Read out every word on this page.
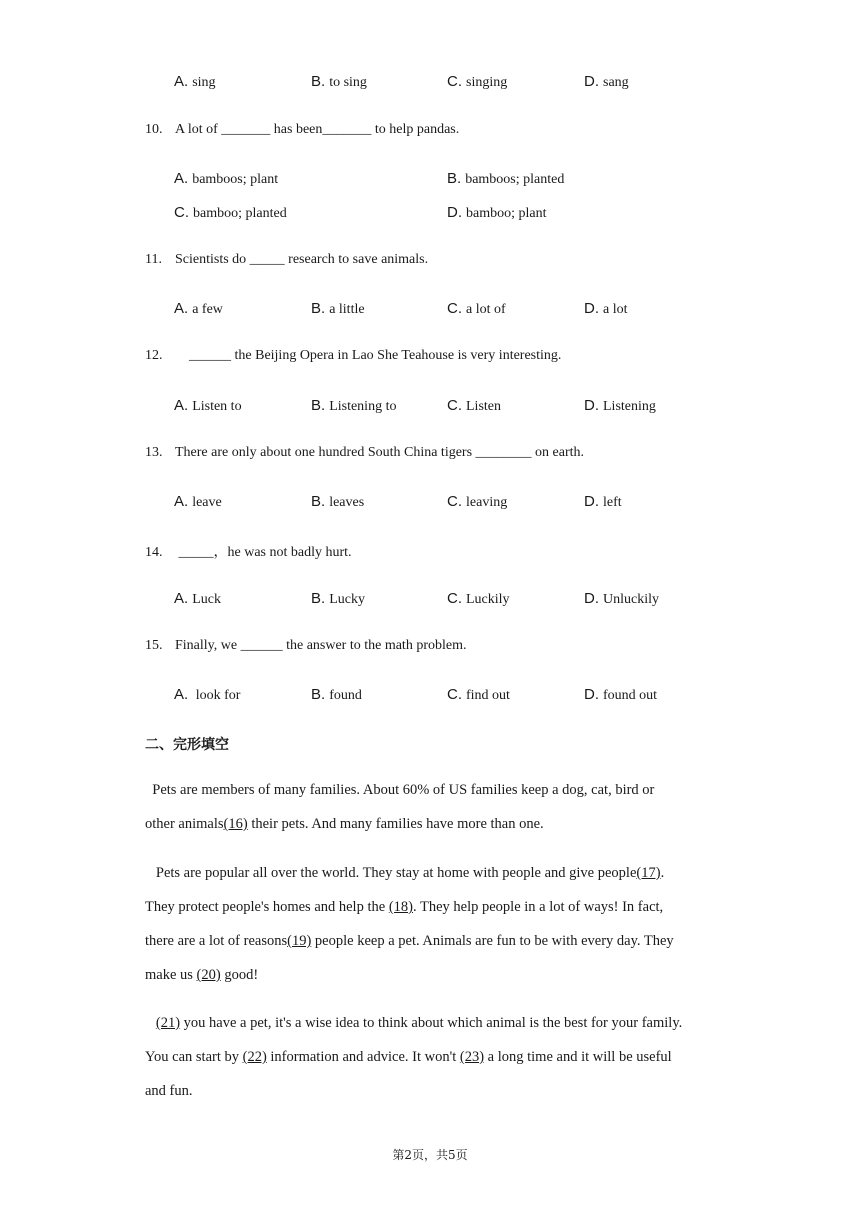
A. sing	B. to sing	C. singing	D. sang
10. A lot of _______ has been_______ to help pandas.
A. bamboos; plant	B. bamboos; planted
C. bamboo; planted	D. bamboo; plant
11. Scientists do _____ research to save animals.
A. a few	B. a little	C. a lot of	D. a lot
12.    ______ the Beijing Opera in Lao She Teahouse is very interesting.
A. Listen to	B. Listening to	C. Listen	D. Listening
13. There are only about one hundred South China tigers ________ on earth.
A. leave	B. leaves	C. leaving	D. left
14. _____，he was not badly hurt.
A. Luck	B. Lucky	C. Luckily	D. Unluckily
15. Finally, we ______ the answer to the math problem.
A. look for	B. found	C. find out	D. found out
二、完形填空
Pets are members of many families. About 60% of US families keep a dog, cat, bird or
other animals(16) their pets. And many families have more than one.
Pets are popular all over the world. They stay at home with people and give people(17).
They protect people's homes and help the (18). They help people in a lot of ways! In fact,
there are a lot of reasons(19) people keep a pet. Animals are fun to be with every day. They
make us (20) good!
(21) you have a pet, it's a wise idea to think about which animal is the best for your family.
You can start by (22) information and advice. It won't (23) a long time and it will be useful
and fun.
第2页，共5页
